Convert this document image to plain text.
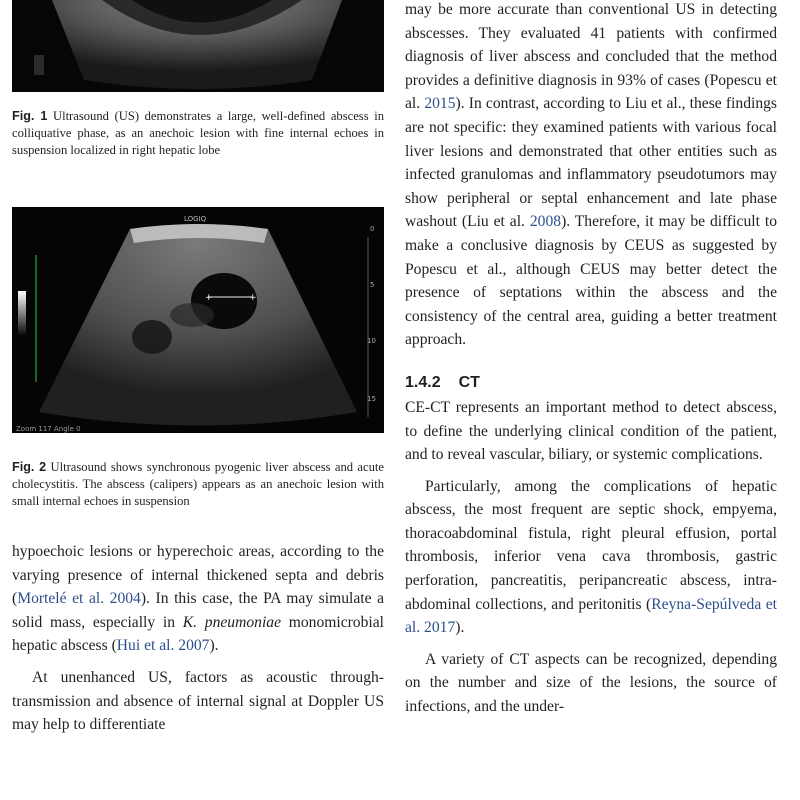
Fig. 1 Ultrasound (US) demonstrates a large, well-defined abscess in colliquative phase, as an anechoic lesion with fine internal echoes in suspension localized in right hepatic lobe
+	+
LOGIQ
S8	0
5
10
15
Zoom 117 Angle 0
Fig. 2 Ultrasound shows synchronous pyogenic liver abscess and acute cholecystitis. The abscess (calipers) appears as an anechoic lesion with small internal echoes in suspension

hypoechoic lesions or hyperechoic areas, according to the varying presence of internal thickened septa and debris (Mortelé et al. 2004). In this case, the PA may simulate a solid mass, especially in K. pneumoniae monomicrobial hepatic abscess (Hui et al. 2007).

At unenhanced US, factors as acoustic through-transmission and absence of internal signal at Doppler US may help to differentiate

may be more accurate than conventional US in detecting abscesses. They evaluated 41 patients with confirmed diagnosis of liver abscess and concluded that the method provides a definitive diagnosis in 93% of cases (Popescu et al. 2015). In contrast, according to Liu et al., these findings are not specific: they examined patients with various focal liver lesions and demonstrated that other entities such as infected granulomas and inflammatory pseudotumors may show peripheral or septal enhancement and late phase washout (Liu et al. 2008). Therefore, it may be difficult to make a conclusive diagnosis by CEUS as suggested by Popescu et al., although CEUS may better detect the presence of septations within the abscess and the consistency of the central area, guiding a better treatment approach.

1.4.2 CT

CE-CT represents an important method to detect abscess, to define the underlying clinical condition of the patient, and to reveal vascular, biliary, or systemic complications.

Particularly, among the complications of hepatic abscess, the most frequent are septic shock, empyema, thoracoabdominal fistula, right pleural effusion, portal thrombosis, inferior vena cava thrombosis, gastric perforation, pancreatitis, peripancreatic abscess, intra-abdominal collections, and peritonitis (Reyna-Sepúlveda et al. 2017).

A variety of CT aspects can be recognized, depending on the number and size of the lesions, the source of infections, and the under-
